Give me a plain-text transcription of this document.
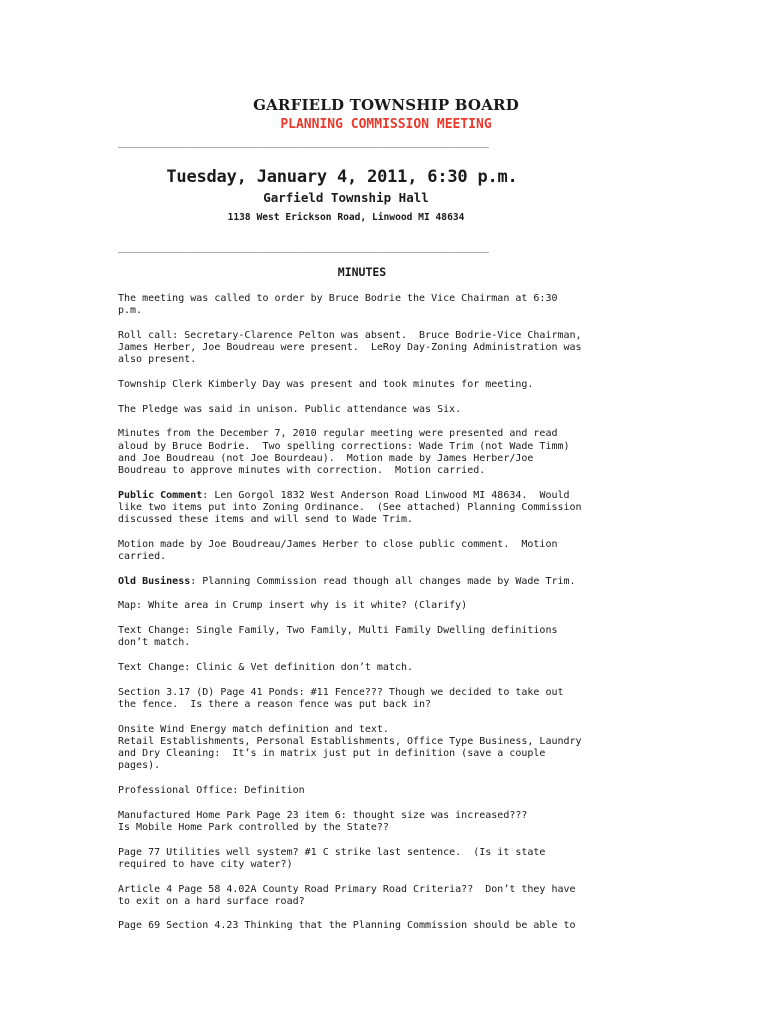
GARFIELD TOWNSHIP BOARD
PLANNING COMMISSION MEETING
________________________________________________________
Tuesday, January 4, 2011, 6:30 p.m.
Garfield Township Hall
1138 West Erickson Road, Linwood MI 48634
________________________________________________________
MINUTES
The meeting was called to order by Bruce Bodrie the Vice Chairman at 6:30
p.m.
Roll call: Secretary-Clarence Pelton was absent.  Bruce Bodrie-Vice Chairman,
James Herber, Joe Boudreau were present.  LeRoy Day-Zoning Administration was
also present.
Township Clerk Kimberly Day was present and took minutes for meeting.
The Pledge was said in unison. Public attendance was Six.
Minutes from the December 7, 2010 regular meeting were presented and read
aloud by Bruce Bodrie.  Two spelling corrections: Wade Trim (not Wade Timm)
and Joe Boudreau (not Joe Bourdeau).  Motion made by James Herber/Joe
Boudreau to approve minutes with correction.  Motion carried.
Public Comment: Len Gorgol 1832 West Anderson Road Linwood MI 48634.  Would
like two items put into Zoning Ordinance.  (See attached) Planning Commission
discussed these items and will send to Wade Trim.
Motion made by Joe Boudreau/James Herber to close public comment.  Motion
carried.
Old Business: Planning Commission read though all changes made by Wade Trim.
Map: White area in Crump insert why is it white? (Clarify)
Text Change: Single Family, Two Family, Multi Family Dwelling definitions
don’t match.
Text Change: Clinic & Vet definition don’t match.
Section 3.17 (D) Page 41 Ponds: #11 Fence??? Though we decided to take out
the fence.  Is there a reason fence was put back in?
Onsite Wind Energy match definition and text.
Retail Establishments, Personal Establishments, Office Type Business, Laundry
and Dry Cleaning:  It’s in matrix just put in definition (save a couple
pages).
Professional Office: Definition
Manufactured Home Park Page 23 item 6: thought size was increased???
Is Mobile Home Park controlled by the State??
Page 77 Utilities well system? #1 C strike last sentence.  (Is it state
required to have city water?)
Article 4 Page 58 4.02A County Road Primary Road Criteria??  Don’t they have
to exit on a hard surface road?
Page 69 Section 4.23 Thinking that the Planning Commission should be able to
